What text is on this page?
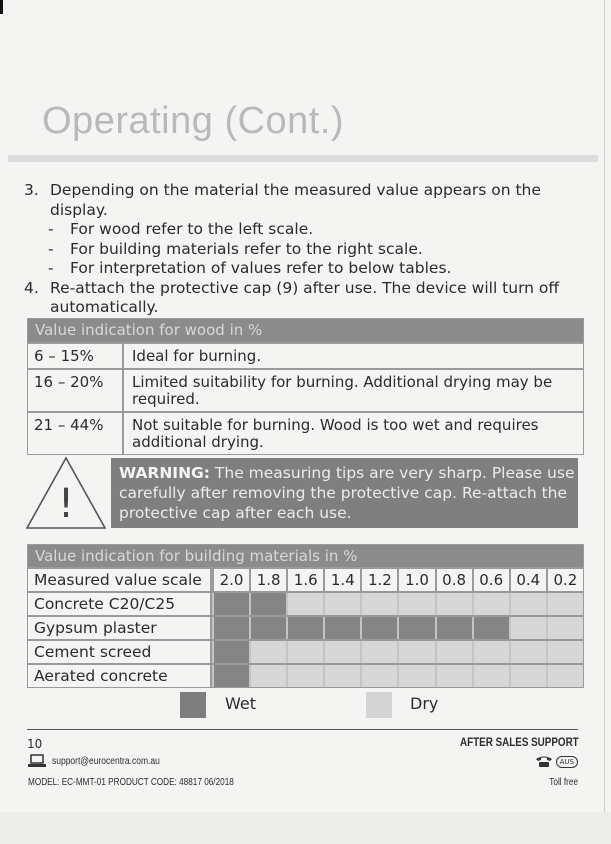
Operating (Cont.)
3. Depending on the material the measured value appears on the display.
-	For wood refer to the left scale.
-	For building materials refer to the right scale.
-	For interpretation of values refer to below tables.
4. Re-attach the protective cap (9) after use. The device will turn off automatically.
Value indication for wood in %
6 – 15%	Ideal for burning.
16 – 20%	Limited suitability for burning. Additional drying may be required.
21 – 44%	Not suitable for burning. Wood is too wet and requires additional drying.
!
WARNING: The measuring tips are very sharp. Please use carefully after removing the protective cap. Re-attach the protective cap after each use.
Value indication for building materials in %
Measured value scale	2.0 1.8 1.6 1.4 1.2 1.0 0.8 0.6 0.4 0.2
Concrete C20/C25
Gypsum plaster
Cement screed
Aerated concrete
Wet	Dry
10	AFTER SALES SUPPORT
support@eurocentra.com.au	AUS
MODEL: EC-MMT-01 PRODUCT CODE: 48817 06/2018	Toll free
